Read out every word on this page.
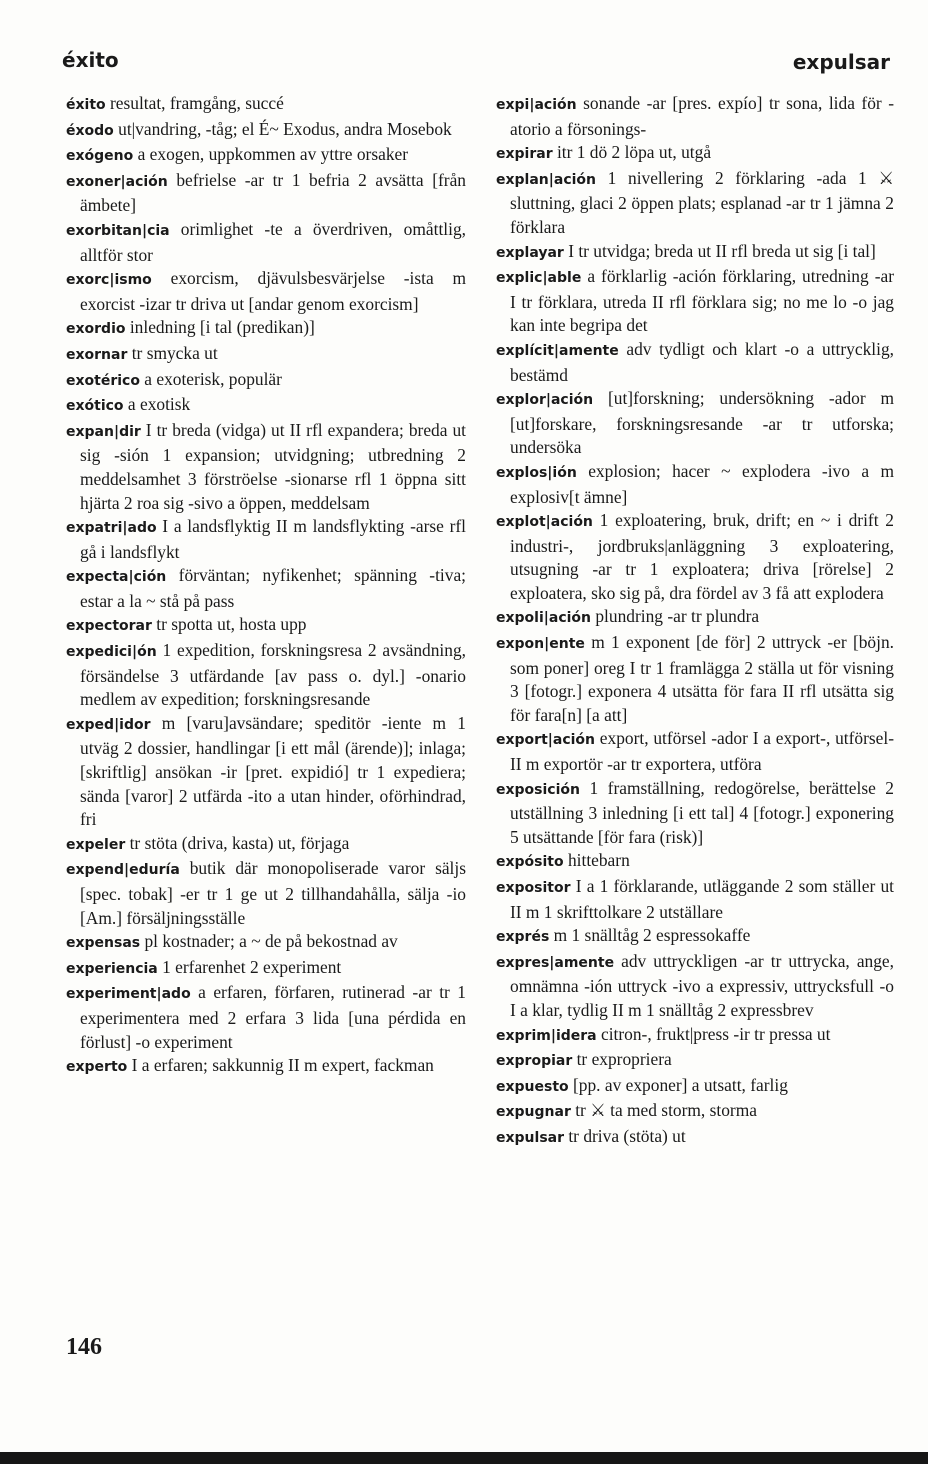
éxito	expulsar

éxito resultat, framgång, succé

éxodo ut|vandring, -tåg; el É~ Exodus, andra Mosebok

exógeno a exogen, uppkommen av yttre orsaker

exoner|ación befrielse -ar tr 1 befria 2 avsätta [från ämbete]

exorbitan|cia orimlighet -te a överdriven, omåttlig, alltför stor

exorc|ismo exorcism, djävulsbesvärjelse -ista m exorcist -izar tr driva ut [andar genom exorcism]

exordio inledning [i tal (predikan)]

exornar tr smycka ut

exotérico a exoterisk, populär

exótico a exotisk

expan|dir I tr breda (vidga) ut II rfl expandera; breda ut sig -sión 1 expansion; utvidgning; utbredning 2 meddelsamhet 3 förströelse -sionarse rfl 1 öppna sitt hjärta 2 roa sig -sivo a öppen, meddelsam

expatri|ado I a landsflyktig II m landsflykting -arse rfl gå i landsflykt

expecta|ción förväntan; nyfikenhet; spänning -tiva; estar a la ~ stå på pass

expectorar tr spotta ut, hosta upp

expedici|ón 1 expedition, forskningsresa 2 avsändning, försändelse 3 utfärdande [av pass o. dyl.] -onario medlem av expedition; forskningsresande

exped|idor m [varu]avsändare; speditör -iente m 1 utväg 2 dossier, handlingar [i ett mål (ärende)]; inlaga; [skriftlig] ansökan -ir [pret. expidió] tr 1 expediera; sända [varor] 2 utfärda -ito a utan hinder, oförhindrad, fri

expeler tr stöta (driva, kasta) ut, förjaga

expend|eduría butik där monopoliserade varor säljs [spec. tobak] -er tr 1 ge ut 2 tillhandahålla, sälja -io [Am.] försäljningsställe

expensas pl kostnader; a ~ de på bekostnad av

experiencia 1 erfarenhet 2 experiment

experiment|ado a erfaren, förfaren, rutinerad -ar tr 1 experimentera med 2 erfara 3 lida [una pérdida en förlust] -o experiment

experto I a erfaren; sakkunnig II m expert, fackman

expi|ación sonande -ar [pres. expío] tr sona, lida för -atorio a försonings-

expirar itr 1 dö 2 löpa ut, utgå

explan|ación 1 nivellering 2 förklaring -ada 1 ⚔ sluttning, glaci 2 öppen plats; esplanad -ar tr 1 jämna 2 förklara

explayar I tr utvidga; breda ut II rfl breda ut sig [i tal]

explic|able a förklarlig -ación förklaring, utredning -ar I tr förklara, utreda II rfl förklara sig; no me lo -o jag kan inte begripa det

explícit|amente adv tydligt och klart -o a uttrycklig, bestämd

explor|ación [ut]forskning; undersökning -ador m [ut]forskare, forskningsresande -ar tr utforska; undersöka

explos|ión explosion; hacer ~ explodera -ivo a m explosiv[t ämne]

explot|ación 1 exploatering, bruk, drift; en ~ i drift 2 industri-, jordbruks|anläggning 3 exploatering, utsugning -ar tr 1 exploatera; driva [rörelse] 2 exploatera, sko sig på, dra fördel av 3 få att explodera

expoli|ación plundring -ar tr plundra

expon|ente m 1 exponent [de för] 2 uttryck -er [böjn. som poner] oreg I tr 1 framlägga 2 ställa ut för visning 3 [fotogr.] exponera 4 utsätta för fara II rfl utsätta sig för fara[n] [a att]

export|ación export, utförsel -ador I a export-, utförsel- II m exportör -ar tr exportera, utföra

exposición 1 framställning, redogörelse, berättelse 2 utställning 3 inledning [i ett tal] 4 [fotogr.] exponering 5 utsättande [för fara (risk)]

expósito hittebarn

expositor I a 1 förklarande, utläggande 2 som ställer ut II m 1 skrifttolkare 2 utställare

exprés m 1 snälltåg 2 espressokaffe

expres|amente adv uttryckligen -ar tr uttrycka, ange, omnämna -ión uttryck -ivo a expressiv, uttrycksfull -o I a klar, tydlig II m 1 snälltåg 2 expressbrev

exprim|idera citron-, frukt|press -ir tr pressa ut

expropiar tr expropriera

expuesto [pp. av exponer] a utsatt, farlig

expugnar tr ⚔ ta med storm, storma

expulsar tr driva (stöta) ut

146
